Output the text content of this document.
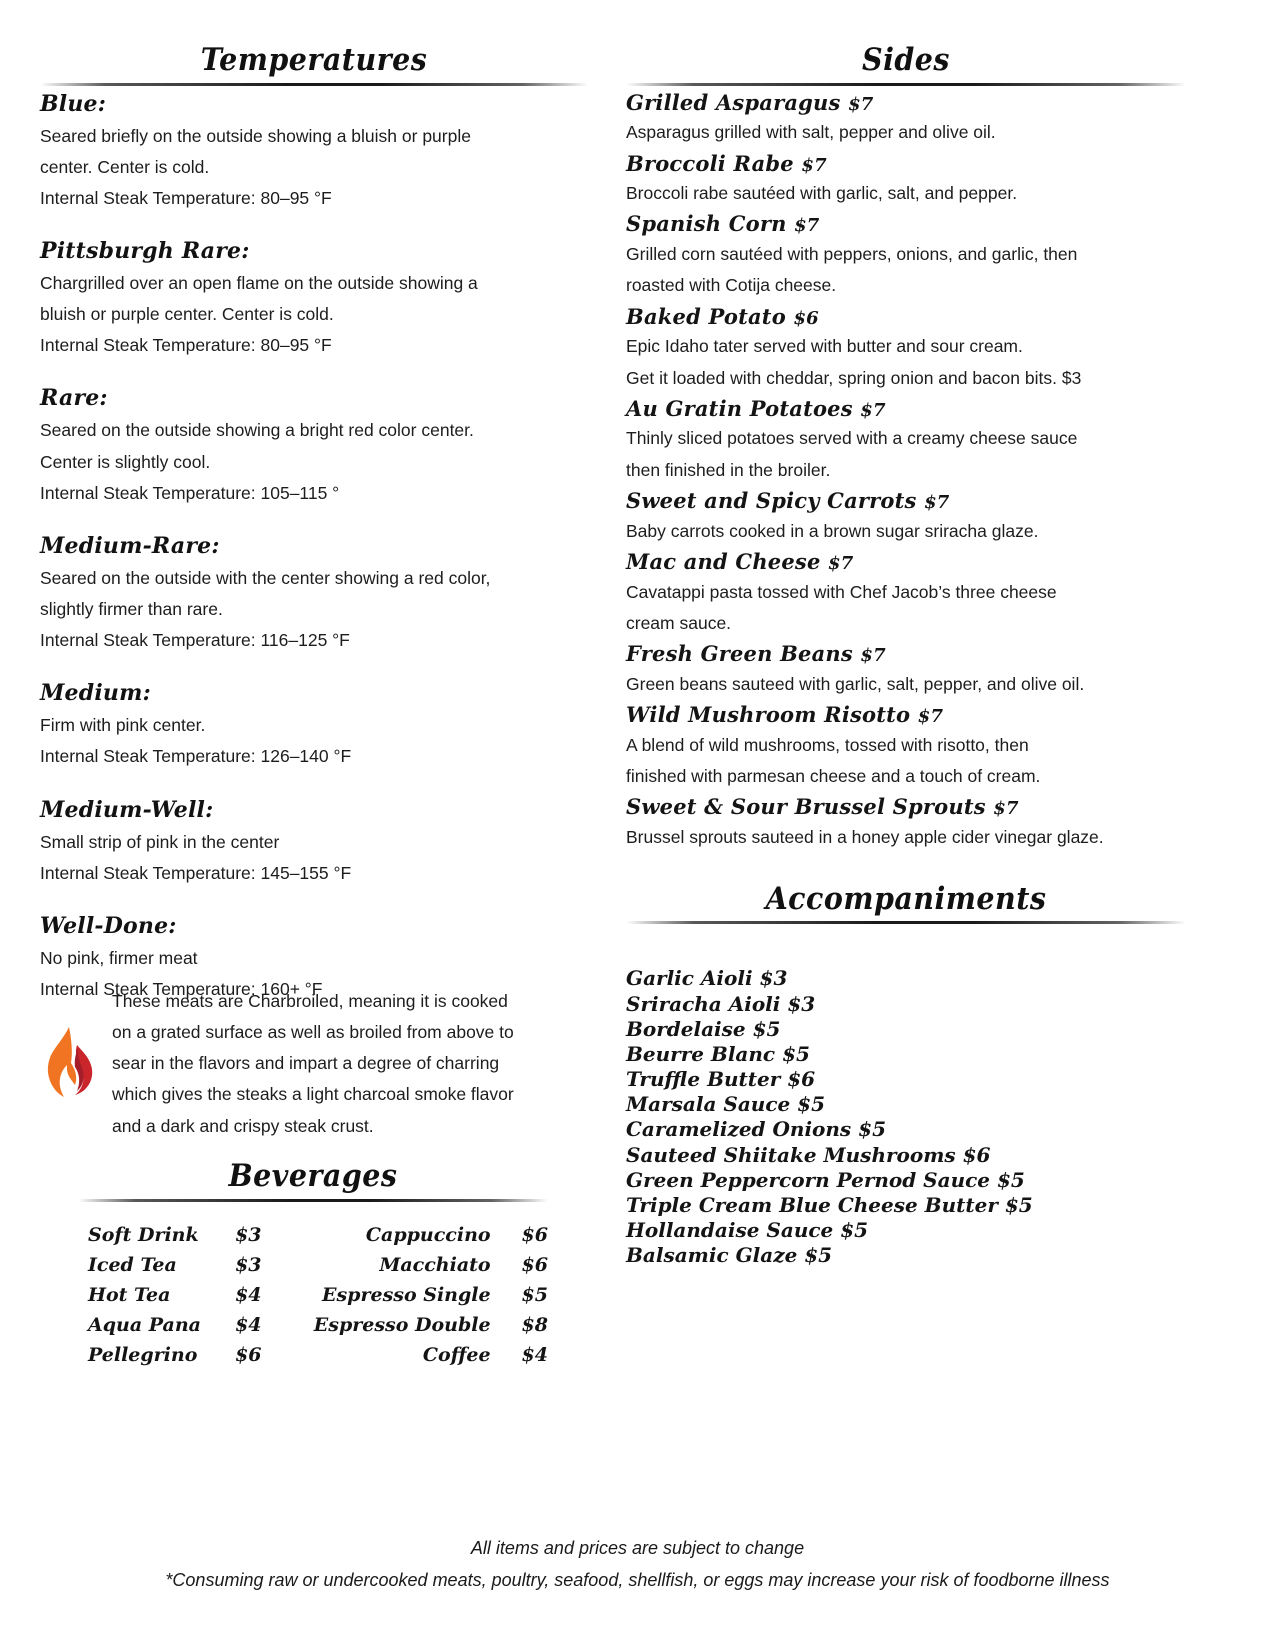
Temperatures
Blue:
Seared briefly on the outside showing a bluish or purple
center. Center is cold.
Internal Steak Temperature: 80–95 °F
Pittsburgh Rare:
Chargrilled over an open flame on the outside showing a
bluish or purple center. Center is cold.
Internal Steak Temperature: 80–95 °F
Rare:
Seared on the outside showing a bright red color center.
Center is slightly cool.
Internal Steak Temperature: 105–115 °
Medium-Rare:
Seared on the outside with the center showing a red color,
slightly firmer than rare.
Internal Steak Temperature: 116–125 °F
Medium:
Firm with pink center.
Internal Steak Temperature: 126–140 °F
Medium-Well:
Small strip of pink in the center
Internal Steak Temperature: 145–155 °F
Well-Done:
No pink, firmer meat
Internal Steak Temperature: 160+ °F
These meats are Charbroiled, meaning it is cooked
on a grated surface as well as broiled from above to
sear in the flavors and impart a degree of charring
which gives the steaks a light charcoal smoke flavor
and a dark and crispy steak crust.
Beverages
Soft Drink	$3	Cappuccino	$6
Iced Tea	$3	Macchiato	$6
Hot Tea	$4	Espresso Single	$5
Aqua Pana	$4	Espresso Double	$8
Pellegrino	$6	Coffee	$4
Sides
Grilled Asparagus $7
Asparagus grilled with salt, pepper and olive oil.
Broccoli Rabe $7
Broccoli rabe sautéed with garlic, salt, and pepper.
Spanish Corn $7
Grilled corn sautéed with peppers, onions, and garlic, then
roasted with Cotija cheese.
Baked Potato $6
Epic Idaho tater served with butter and sour cream.
Get it loaded with cheddar, spring onion and bacon bits. $3
Au Gratin Potatoes $7
Thinly sliced potatoes served with a creamy cheese sauce
then finished in the broiler.
Sweet and Spicy Carrots $7
Baby carrots cooked in a brown sugar sriracha glaze.
Mac and Cheese $7
Cavatappi pasta tossed with Chef Jacob’s three cheese
cream sauce.
Fresh Green Beans $7
Green beans sauteed with garlic, salt, pepper, and olive oil.
Wild Mushroom Risotto $7
A blend of wild mushrooms, tossed with risotto, then
finished with parmesan cheese and a touch of cream.
Sweet & Sour Brussel Sprouts $7
Brussel sprouts sauteed in a honey apple cider vinegar glaze.
Accompaniments
Garlic Aioli $3
Sriracha Aioli $3
Bordelaise $5
Beurre Blanc $5
Truffle Butter $6
Marsala Sauce $5
Caramelized Onions $5
Sauteed Shiitake Mushrooms $6
Green Peppercorn Pernod Sauce $5
Triple Cream Blue Cheese Butter $5
Hollandaise Sauce $5
Balsamic Glaze $5
All items and prices are subject to change
*Consuming raw or undercooked meats, poultry, seafood, shellfish, or eggs may increase your risk of foodborne illness
